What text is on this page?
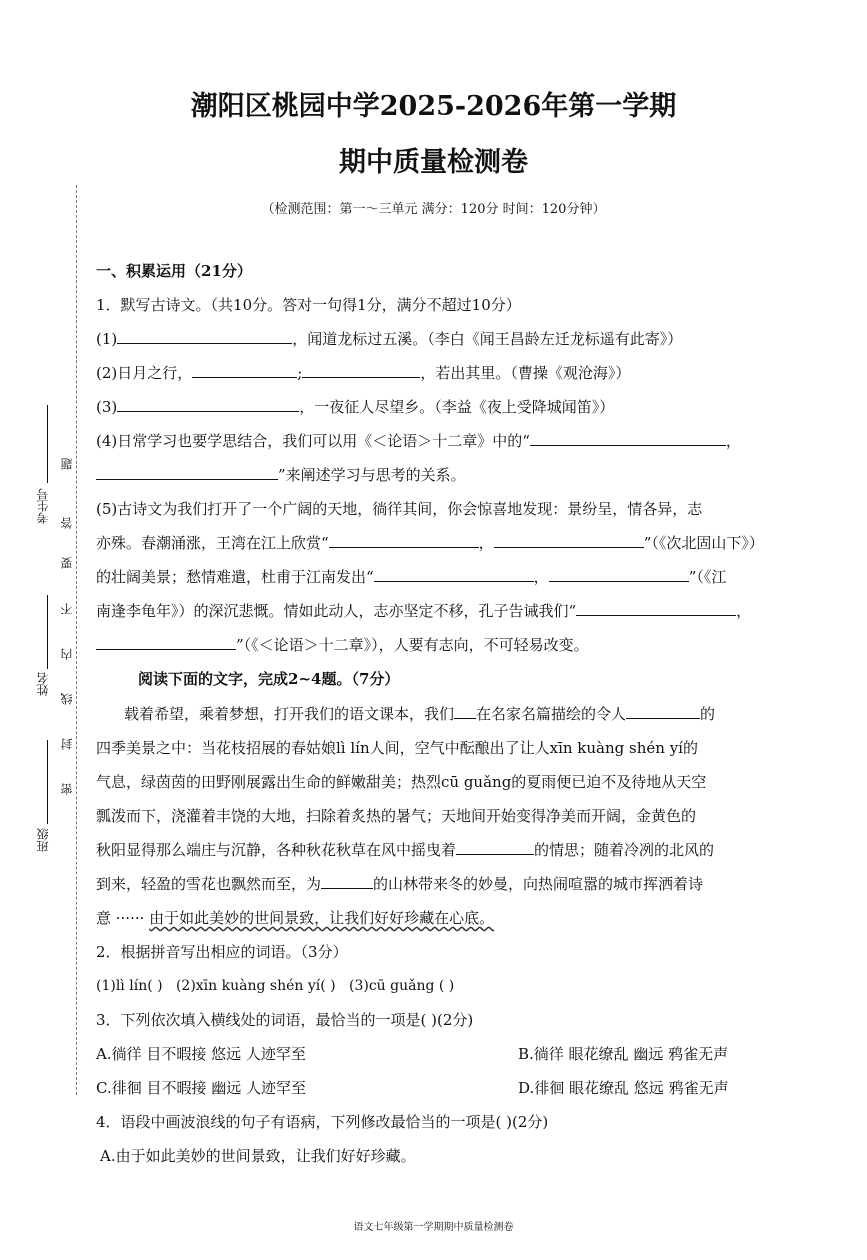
潮阳区桃园中学2025-2026年第一学期
期中质量检测卷
（检测范围：第一～三单元 满分：120分 时间：120分钟）
考生号
姓名
班级
题
答
要
不
内
线
封
密
一、积累运用（21分）
1．默写古诗文。（共10分。答对一句得1分，满分不超过10分）
(1)	，闻道龙标过五溪。（李白《闻王昌龄左迁龙标遥有此寄》）
(2)日月之行，	;	，若出其里。（曹操《观沧海》）
(3)	，一夜征人尽望乡。（李益《夜上受降城闻笛》）
(4)日常学习也要学思结合，我们可以用《＜论语＞十二章》中的“	，
”来阐述学习与思考的关系。
(5)古诗文为我们打开了一个广阔的天地，徜徉其间，你会惊喜地发现：景纷呈，情各异，志
亦殊。春潮涌涨，王湾在江上欣赏“	，	”（《次北固山下》）
的壮阔美景；愁情难遣，杜甫于江南发出“	，	”（《江
南逢李龟年》）的深沉悲慨。情如此动人，志亦坚定不移，孔子告诫我们“	，
”（《＜论语＞十二章》），人要有志向，不可轻易改变。
阅读下面的文字，完成2~4题。（7分）
载着希望，乘着梦想，打开我们的语文课本，我们 在名家名篇描绘的令人	的
四季美景之中：当花枝招展的春姑娘lì lín人间，空气中酝酿出了让人xīn kuàng shén yí的
气息，绿茵茵的田野刚展露出生命的鲜嫩甜美；热烈cū guǎng的夏雨便已迫不及待地从天空
瓢泼而下，浇灌着丰饶的大地，扫除着炙热的暑气；天地间开始变得净美而开阔，金黄色的
秋阳显得那么端庄与沉静，各种秋花秋草在风中摇曳着	的情思；随着冷冽的北风的
到来，轻盈的雪花也飘然而至，为	的山林带来冬的妙曼，向热闹喧嚣的城市挥洒着诗
意 ······ 由于如此美妙的世间景致，让我们好好珍藏在心底。
2．根据拼音写出相应的词语。（3分）
(1)lì lín( ) (2)xīn kuàng shén yí( ) (3)cū guǎng ( )
3．下列依次填入横线处的词语，最恰当的一项是( )(2分)
A.徜徉 目不暇接 悠远 人迹罕至	B.徜徉 眼花缭乱 幽远 鸦雀无声
C.徘徊 目不暇接 幽远 人迹罕至	D.徘徊 眼花缭乱 悠远 鸦雀无声
4．语段中画波浪线的句子有语病，下列修改最恰当的一项是( )(2分)
A.由于如此美妙的世间景致，让我们好好珍藏。
语文七年级第一学期期中质量检测卷
